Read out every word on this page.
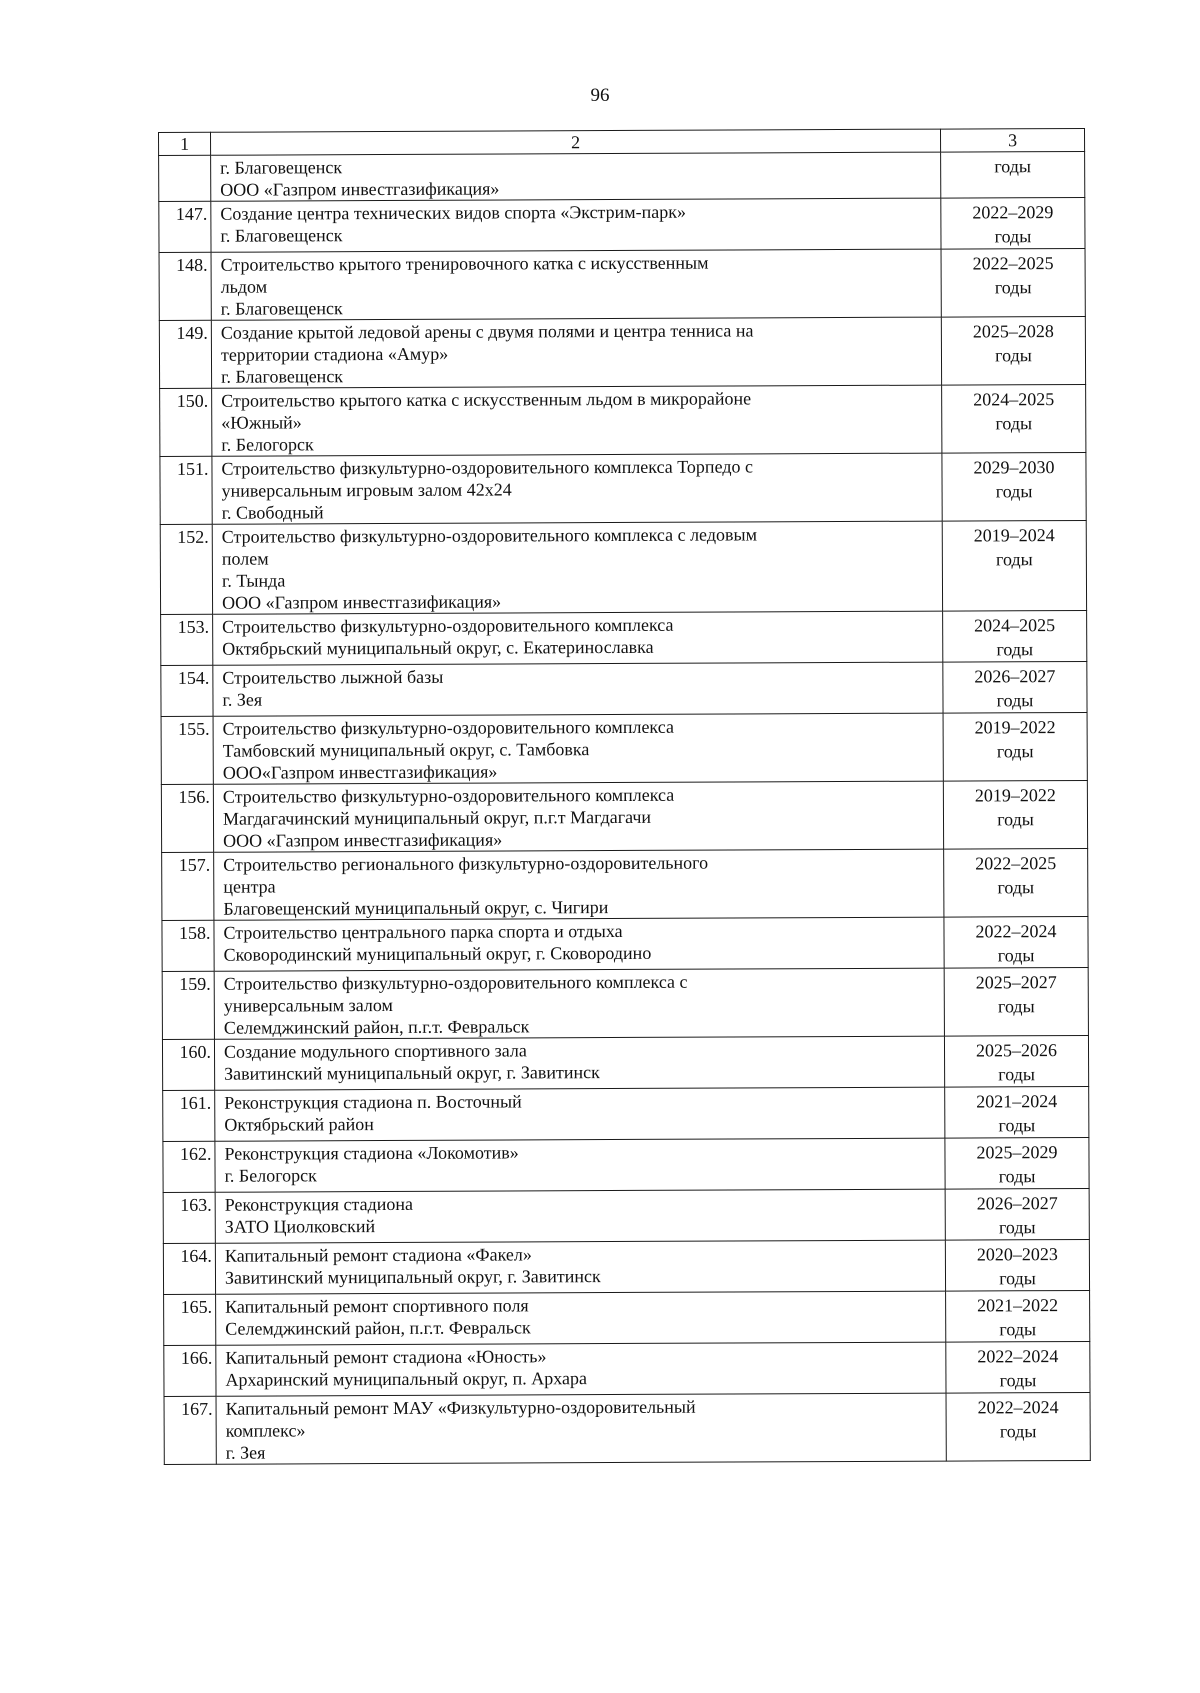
96
1	2	3

	г. Благовещенск
ООО «Газпром инвестгазификация»	годы

147.	Создание центра технических видов спорта «Экстрим-парк»
г. Благовещенск	2022–2029
годы

148.	Строительство крытого тренировочного катка с искусственным
льдом
г. Благовещенск	2022–2025
годы

149.	Создание крытой ледовой арены с двумя полями и центра тенниса на
территории стадиона «Амур»
г. Благовещенск	2025–2028
годы

150.	Строительство крытого катка с искусственным льдом в микрорайоне
«Южный»
г. Белогорск	2024–2025
годы

151.	Строительство физкультурно-оздоровительного комплекса Торпедо с
универсальным игровым залом 42х24
г. Свободный	2029–2030
годы

152.	Строительство физкультурно-оздоровительного комплекса с ледовым
полем
г. Тында
ООО «Газпром инвестгазификация»	2019–2024
годы

153.	Строительство физкультурно-оздоровительного комплекса
Октябрьский муниципальный округ, с. Екатеринославка	2024–2025
годы

154.	Строительство лыжной базы
г. Зея	2026–2027
годы

155.	Строительство физкультурно-оздоровительного комплекса
Тамбовский муниципальный округ, с. Тамбовка
ООО«Газпром инвестгазификация»	2019–2022
годы

156.	Строительство физкультурно-оздоровительного комплекса
Магдагачинский муниципальный округ, п.г.т Магдагачи
ООО «Газпром инвестгазификация»	2019–2022
годы

157.	Строительство регионального физкультурно-оздоровительного
центра
Благовещенский муниципальный округ, с. Чигири	2022–2025
годы

158.	Строительство центрального парка спорта и отдыха
Сковородинский муниципальный округ, г. Сковородино	2022–2024
годы

159.	Строительство физкультурно-оздоровительного комплекса с
универсальным залом
Селемджинский район, п.г.т. Февральск	2025–2027
годы

160.	Создание модульного спортивного зала
Завитинский муниципальный округ, г. Завитинск	2025–2026
годы

161.	Реконструкция стадиона п. Восточный
Октябрьский район	2021–2024
годы

162.	Реконструкция стадиона «Локомотив»
г. Белогорск	2025–2029
годы

163.	Реконструкция стадиона
ЗАТО Циолковский	2026–2027
годы

164.	Капитальный ремонт стадиона «Факел»
Завитинский муниципальный округ, г. Завитинск	2020–2023
годы

165.	Капитальный ремонт спортивного поля
Селемджинский район, п.г.т. Февральск	2021–2022
годы

166.	Капитальный ремонт стадиона «Юность»
Архаринский муниципальный округ, п. Архара	2022–2024
годы

167.	Капитальный ремонт МАУ «Физкультурно-оздоровительный
комплекс»
г. Зея	2022–2024
годы
